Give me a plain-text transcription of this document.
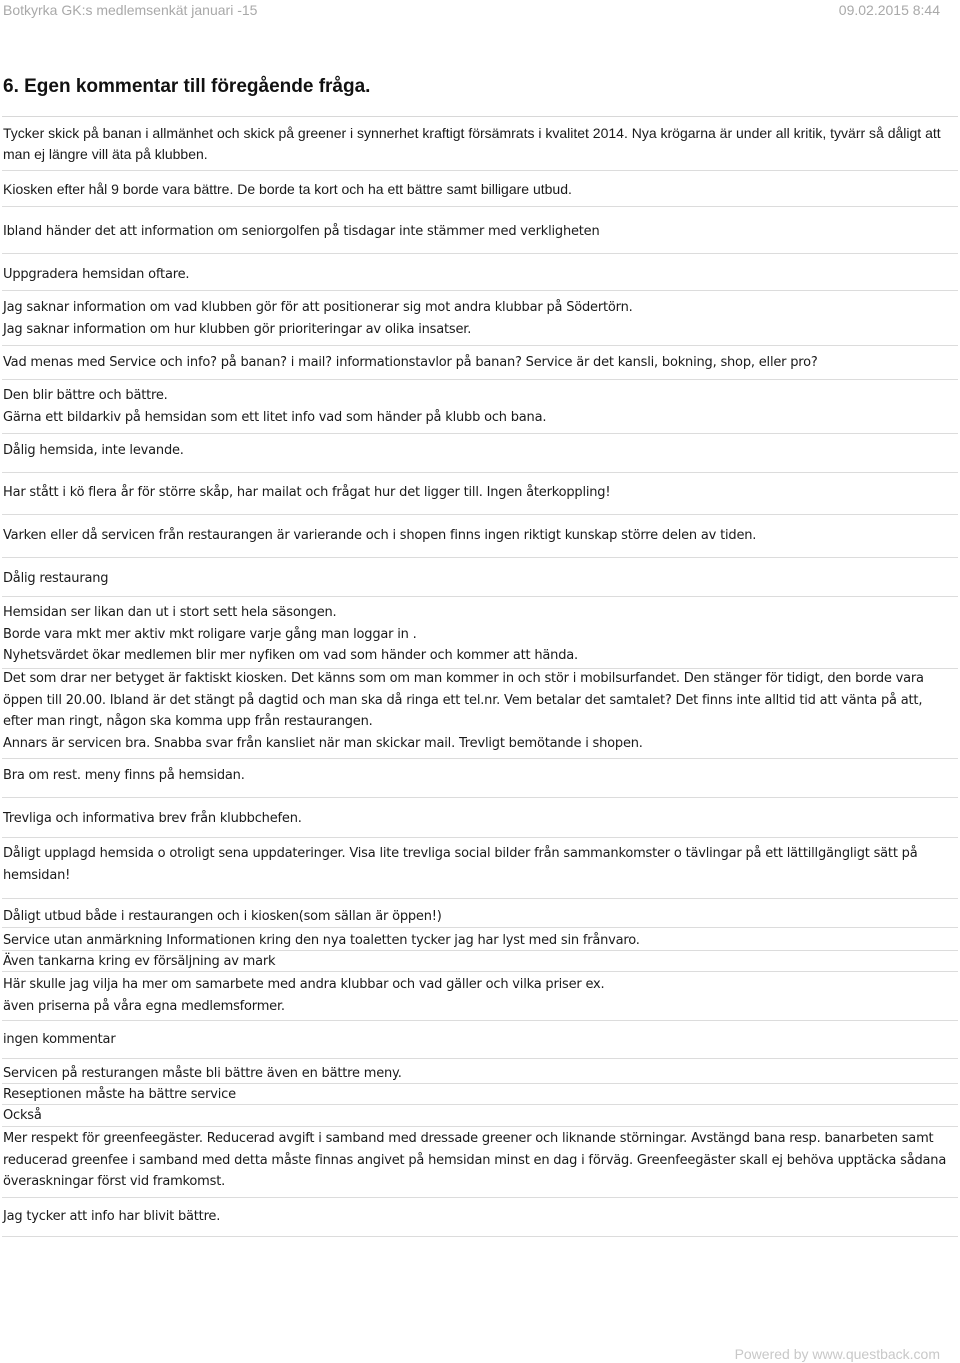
Botkyrka GK:s medlemsenkät januari -15	09.02.2015 8:44
6. Egen kommentar till föregående fråga.
Tycker skick på banan i allmänhet och skick på greener i synnerhet kraftigt försämrats i kvalitet 2014. Nya krögarna är under all kritik, tyvärr så dåligt att man ej längre vill äta på klubben.
Kiosken efter hål 9 borde vara bättre. De borde ta kort och ha ett bättre samt billigare utbud.
Ibland händer det att information om seniorgolfen på tisdagar inte stämmer med verkligheten
Uppgradera hemsidan oftare.
Jag saknar information om vad klubben gör för att positionerar sig mot andra klubbar på Södertörn.
Jag saknar information om hur klubben gör prioriteringar av olika insatser.
Vad menas med Service och info? på banan? i mail? informationstavlor på banan? Service är det kansli, bokning, shop, eller pro?
Den blir bättre och bättre.
Gärna ett bildarkiv på hemsidan som ett litet info vad som händer på klubb och bana.
Dålig hemsida, inte levande.
Har stått i kö flera år för större skåp, har mailat och frågat hur det ligger till. Ingen återkoppling!
Varken eller då servicen från restaurangen är varierande och i shopen finns ingen riktigt kunskap större delen av tiden.
Dålig restaurang
Hemsidan ser likan dan ut i stort sett hela säsongen.
Borde vara mkt mer aktiv mkt roligare varje gång man loggar in .
Nyhetsvärdet ökar medlemen blir mer nyfiken om vad som händer och kommer att hända.
Det som drar ner betyget är faktiskt kiosken. Det känns som om man kommer in och stör i mobilsurfandet. Den stänger för tidigt, den borde vara öppen till 20.00. Ibland är det stängt på dagtid och man ska då ringa ett tel.nr. Vem betalar det samtalet? Det finns inte alltid tid att vänta på att, efter man ringt, någon ska komma upp från restaurangen.
Annars är servicen bra. Snabba svar från kansliet när man skickar mail. Trevligt bemötande i shopen.
Bra om rest. meny finns på hemsidan.
Trevliga och informativa brev från klubbchefen.
Dåligt upplagd hemsida o otroligt sena uppdateringer. Visa lite trevliga social bilder från sammankomster o tävlingar på ett lättillgängligt sätt på hemsidan!
Dåligt utbud både i restaurangen och i kiosken(som sällan är öppen!)
Service utan anmärkning Informationen kring den nya toaletten tycker jag har lyst med sin frånvaro.
Även tankarna kring ev försäljning av mark
Här skulle jag vilja ha mer om samarbete med andra klubbar och vad gäller och vilka priser ex.
även priserna på våra egna medlemsformer.
ingen kommentar
Servicen på resturangen måste bli bättre även en bättre meny.
Reseptionen måste ha bättre service
Också
Mer respekt för greenfeegäster. Reducerad avgift i samband med dressade greener och liknande störningar. Avstängd bana resp. banarbeten samt reducerad greenfee i samband med detta måste finnas angivet på hemsidan minst en dag i förväg. Greenfeegäster skall ej behöva upptäcka sådana överaskningar först vid framkomst.
Jag tycker att info har blivit bättre.
Powered by www.questback.com
